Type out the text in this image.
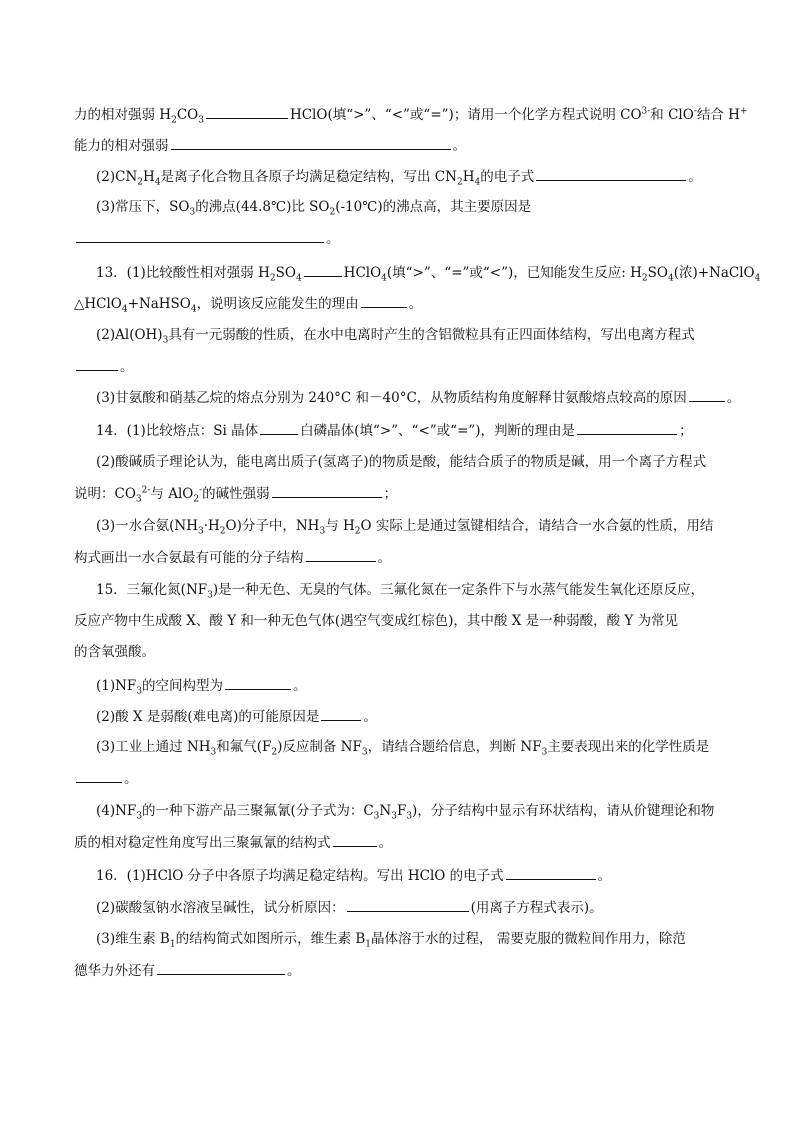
力的相对强弱 $H_2CO_3$	HClO(填“>”、“<”或“=”)；请用一个化学方程式说明 $CO^{3-}$和 ClO-结合 H+
能力的相对强弱	。
$(2)CN_2H_4$是离子化合物且各原子均满足稳定结构，写出 $CN_2H_4$的电子式	。
(3)常压下，$SO_3$的沸点(44.8℃)比 $SO_2(-10℃)$的沸点高，其主要原因是
。
13．(1)比较酸性相对强弱 $H_2SO_4$	HClO$_4$(填“>”、“=”或“<”)，已知能发生反应: $H_2SO_4$(浓)+NaClO$_4$
△HClO$_4$+NaHSO$_4$，说明该反应能发生的理由	。
$(2)Al(OH)_3$具有一元弱酸的性质，在水中电离时产生的含铝微粒具有正四面体结构，写出电离方程式
。
(3)甘氨酸和硝基乙烷的熔点分别为 240°C 和－40°C，从物质结构角度解释甘氨酸熔点较高的原因	。
14．(1)比较熔点：Si 晶体	白磷晶体(填“>”、“<”或“=”)，判断的理由是	；
(2)酸碱质子理论认为，能电离出质子(氢离子)的物质是酸，能结合质子的物质是碱，用一个离子方程式
说明：$CO_3^{2-}$与 AlO$_2$-的碱性强弱	；
(3)一水合氨$(NH_3\cdot H_2O)$分子中，$NH_3$与 $H_2O$ 实际上是通过氢键相结合，请结合一水合氨的性质，用结
构式画出一水合氨最有可能的分子结构	。
15．三氟化氮$(NF_3)$是一种无色、无臭的气体。三氟化氮在一定条件下与水蒸气能发生氧化还原反应，
反应产物中生成酸 X、酸 Y 和一种无色气体(遇空气变成红棕色)，其中酸 X 是一种弱酸，酸 Y 为常见
的含氧强酸。
$(1)NF_3$的空间构型为	。
(2)酸 X 是弱酸(难电离)的可能原因是	。
(3)工业上通过 $NH_3$和氟气$(F_2)$反应制备 $NF_3$，请结合题给信息，判断 $NF_3$主要表现出来的化学性质是
。
$(4)NF_3$的一种下游产品三聚氟氰(分子式为：$C_3N_3F_3$)，分子结构中显示有环状结构，请从价键理论和物
质的相对稳定性角度写出三聚氟氰的结构式	。
16．(1)HClO 分子中各原子均满足稳定结构。写出 HClO 的电子式	。
(2)碳酸氢钠水溶液呈碱性，试分析原因：	(用离子方程式表示)。
(3)维生素 $B_1$的结构简式如图所示，维生素 $B_1$晶体溶于水的过程， 需要克服的微粒间作用力，除范
德华力外还有	。
